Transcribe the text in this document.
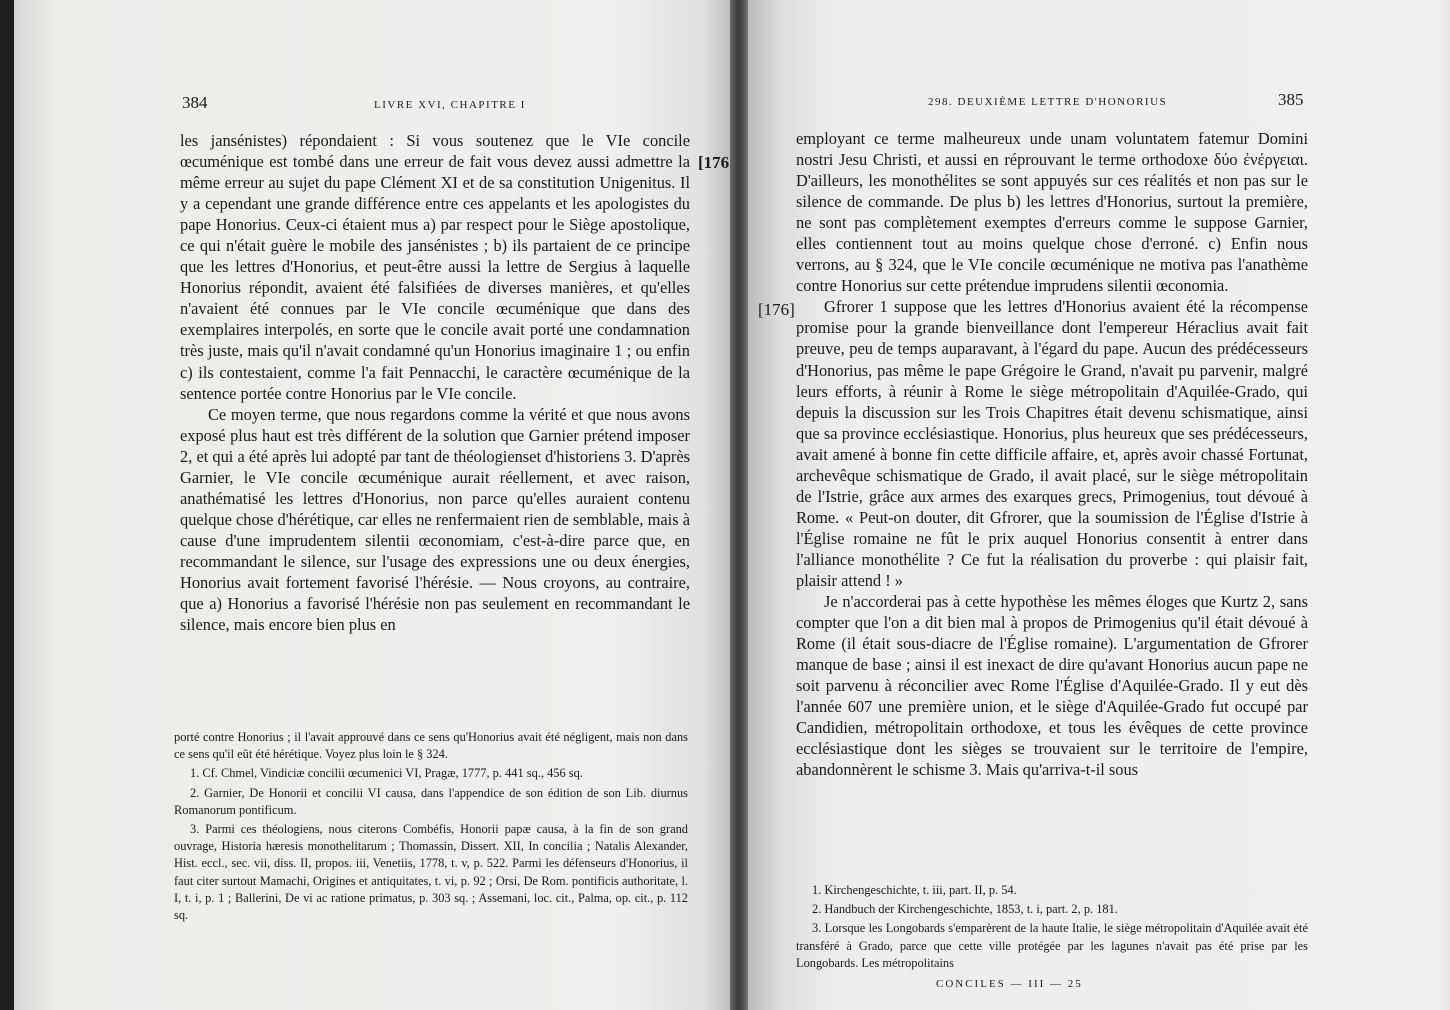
384	LIVRE XVI, CHAPITRE I
[176

les jansénistes) répondaient : Si vous soutenez que le VIe concile œcuménique est tombé dans une erreur de fait vous devez aussi admettre la même erreur au sujet du pape Clément XI et de sa constitution Unigenitus. Il y a cependant une grande différence entre ces appelants et les apologistes du pape Honorius. Ceux-ci étaient mus a) par respect pour le Siège apostolique, ce qui n'était guère le mobile des jansénistes ; b) ils partaient de ce principe que les lettres d'Honorius, et peut-être aussi la lettre de Sergius à laquelle Honorius répondit, avaient été falsifiées de diverses manières, et qu'elles n'avaient été connues par le VIe concile œcuménique que dans des exemplaires interpolés, en sorte que le concile avait porté une condamnation très juste, mais qu'il n'avait condamné qu'un Honorius imaginaire 1 ; ou enfin c) ils contestaient, comme l'a fait Pennacchi, le caractère œcuménique de la sentence portée contre Honorius par le VIe concile.

Ce moyen terme, que nous regardons comme la vérité et que nous avons exposé plus haut est très différent de la solution que Garnier prétend imposer 2, et qui a été après lui adopté par tant de théologienset d'historiens 3. D'après Garnier, le VIe concile œcuménique aurait réellement, et avec raison, anathématisé les lettres d'Honorius, non parce qu'elles auraient contenu quelque chose d'hérétique, car elles ne renfermaient rien de semblable, mais à cause d'une imprudentem silentii œconomiam, c'est-à-dire parce que, en recommandant le silence, sur l'usage des expressions une ou deux énergies, Honorius avait fortement favorisé l'hérésie. — Nous croyons, au contraire, que a) Honorius a favorisé l'hérésie non pas seulement en recommandant le silence, mais encore bien plus en

porté contre Honorius ; il l'avait approuvé dans ce sens qu'Honorius avait été négligent, mais non dans ce sens qu'il eût été hérétique. Voyez plus loin le § 324.

1. Cf. Chmel, Vindiciæ concilii œcumenici VI, Pragæ, 1777, p. 441 sq., 456 sq.

2. Garnier, De Honorii et concilii VI causa, dans l'appendice de son édition de son Lib. diurnus Romanorum pontificum.

3. Parmi ces théologiens, nous citerons Combéfis, Honorii papæ causa, à la fin de son grand ouvrage, Historia hæresis monothelitarum ; Thomassin, Dissert. XII, In concilia ; Natalis Alexander, Hist. eccl., sec. vii, diss. II, propos. iii, Venetiis, 1778, t. v, p. 522. Parmi les défenseurs d'Honorius, il faut citer surtout Mamachi, Origines et antiquitates, t. vi, p. 92 ; Orsi, De Rom. pontificis authoritate, l. I, t. i, p. 1 ; Ballerini, De vi ac ratione primatus, p. 303 sq. ; Assemani, loc. cit., Palma, op. cit., p. 112 sq.

298. DEUXIÈME LETTRE D'HONORIUS	385
[176]

employant ce terme malheureux unde unam voluntatem fatemur Domini nostri Jesu Christi, et aussi en réprouvant le terme orthodoxe δύο ἐνέργειαι. D'ailleurs, les monothélites se sont appuyés sur ces réalités et non pas sur le silence de commande. De plus b) les lettres d'Honorius, surtout la première, ne sont pas complètement exemptes d'erreurs comme le suppose Garnier, elles contiennent tout au moins quelque chose d'erroné. c) Enfin nous verrons, au § 324, que le VIe concile œcuménique ne motiva pas l'anathème contre Honorius sur cette prétendue imprudens silentii œconomia.

Gfrorer 1 suppose que les lettres d'Honorius avaient été la récompense promise pour la grande bienveillance dont l'empereur Héraclius avait fait preuve, peu de temps auparavant, à l'égard du pape. Aucun des prédécesseurs d'Honorius, pas même le pape Grégoire le Grand, n'avait pu parvenir, malgré leurs efforts, à réunir à Rome le siège métropolitain d'Aquilée-Grado, qui depuis la discussion sur les Trois Chapitres était devenu schismatique, ainsi que sa province ecclésiastique. Honorius, plus heureux que ses prédécesseurs, avait amené à bonne fin cette difficile affaire, et, après avoir chassé Fortunat, archevêque schismatique de Grado, il avait placé, sur le siège métropolitain de l'Istrie, grâce aux armes des exarques grecs, Primogenius, tout dévoué à Rome. « Peut-on douter, dit Gfrorer, que la soumission de l'Église d'Istrie à l'Église romaine ne fût le prix auquel Honorius consentit à entrer dans l'alliance monothélite ? Ce fut la réalisation du proverbe : qui plaisir fait, plaisir attend ! »

Je n'accorderai pas à cette hypothèse les mêmes éloges que Kurtz 2, sans compter que l'on a dit bien mal à propos de Primogenius qu'il était dévoué à Rome (il était sous-diacre de l'Église romaine). L'argumentation de Gfrorer manque de base ; ainsi il est inexact de dire qu'avant Honorius aucun pape ne soit parvenu à réconcilier avec Rome l'Église d'Aquilée-Grado. Il y eut dès l'année 607 une première union, et le siège d'Aquilée-Grado fut occupé par Candidien, métropolitain orthodoxe, et tous les évêques de cette province ecclésiastique dont les sièges se trouvaient sur le territoire de l'empire, abandonnèrent le schisme 3. Mais qu'arriva-t-il sous

1. Kirchengeschichte, t. iii, part. II, p. 54.

2. Handbuch der Kirchengeschichte, 1853, t. i, part. 2, p. 181.

3. Lorsque les Longobards s'emparèrent de la haute Italie, le siège métropolitain d'Aquilée avait été transféré à Grado, parce que cette ville protégée par les lagunes n'avait pas été prise par les Longobards. Les métropolitains

CONCILES — III — 25
